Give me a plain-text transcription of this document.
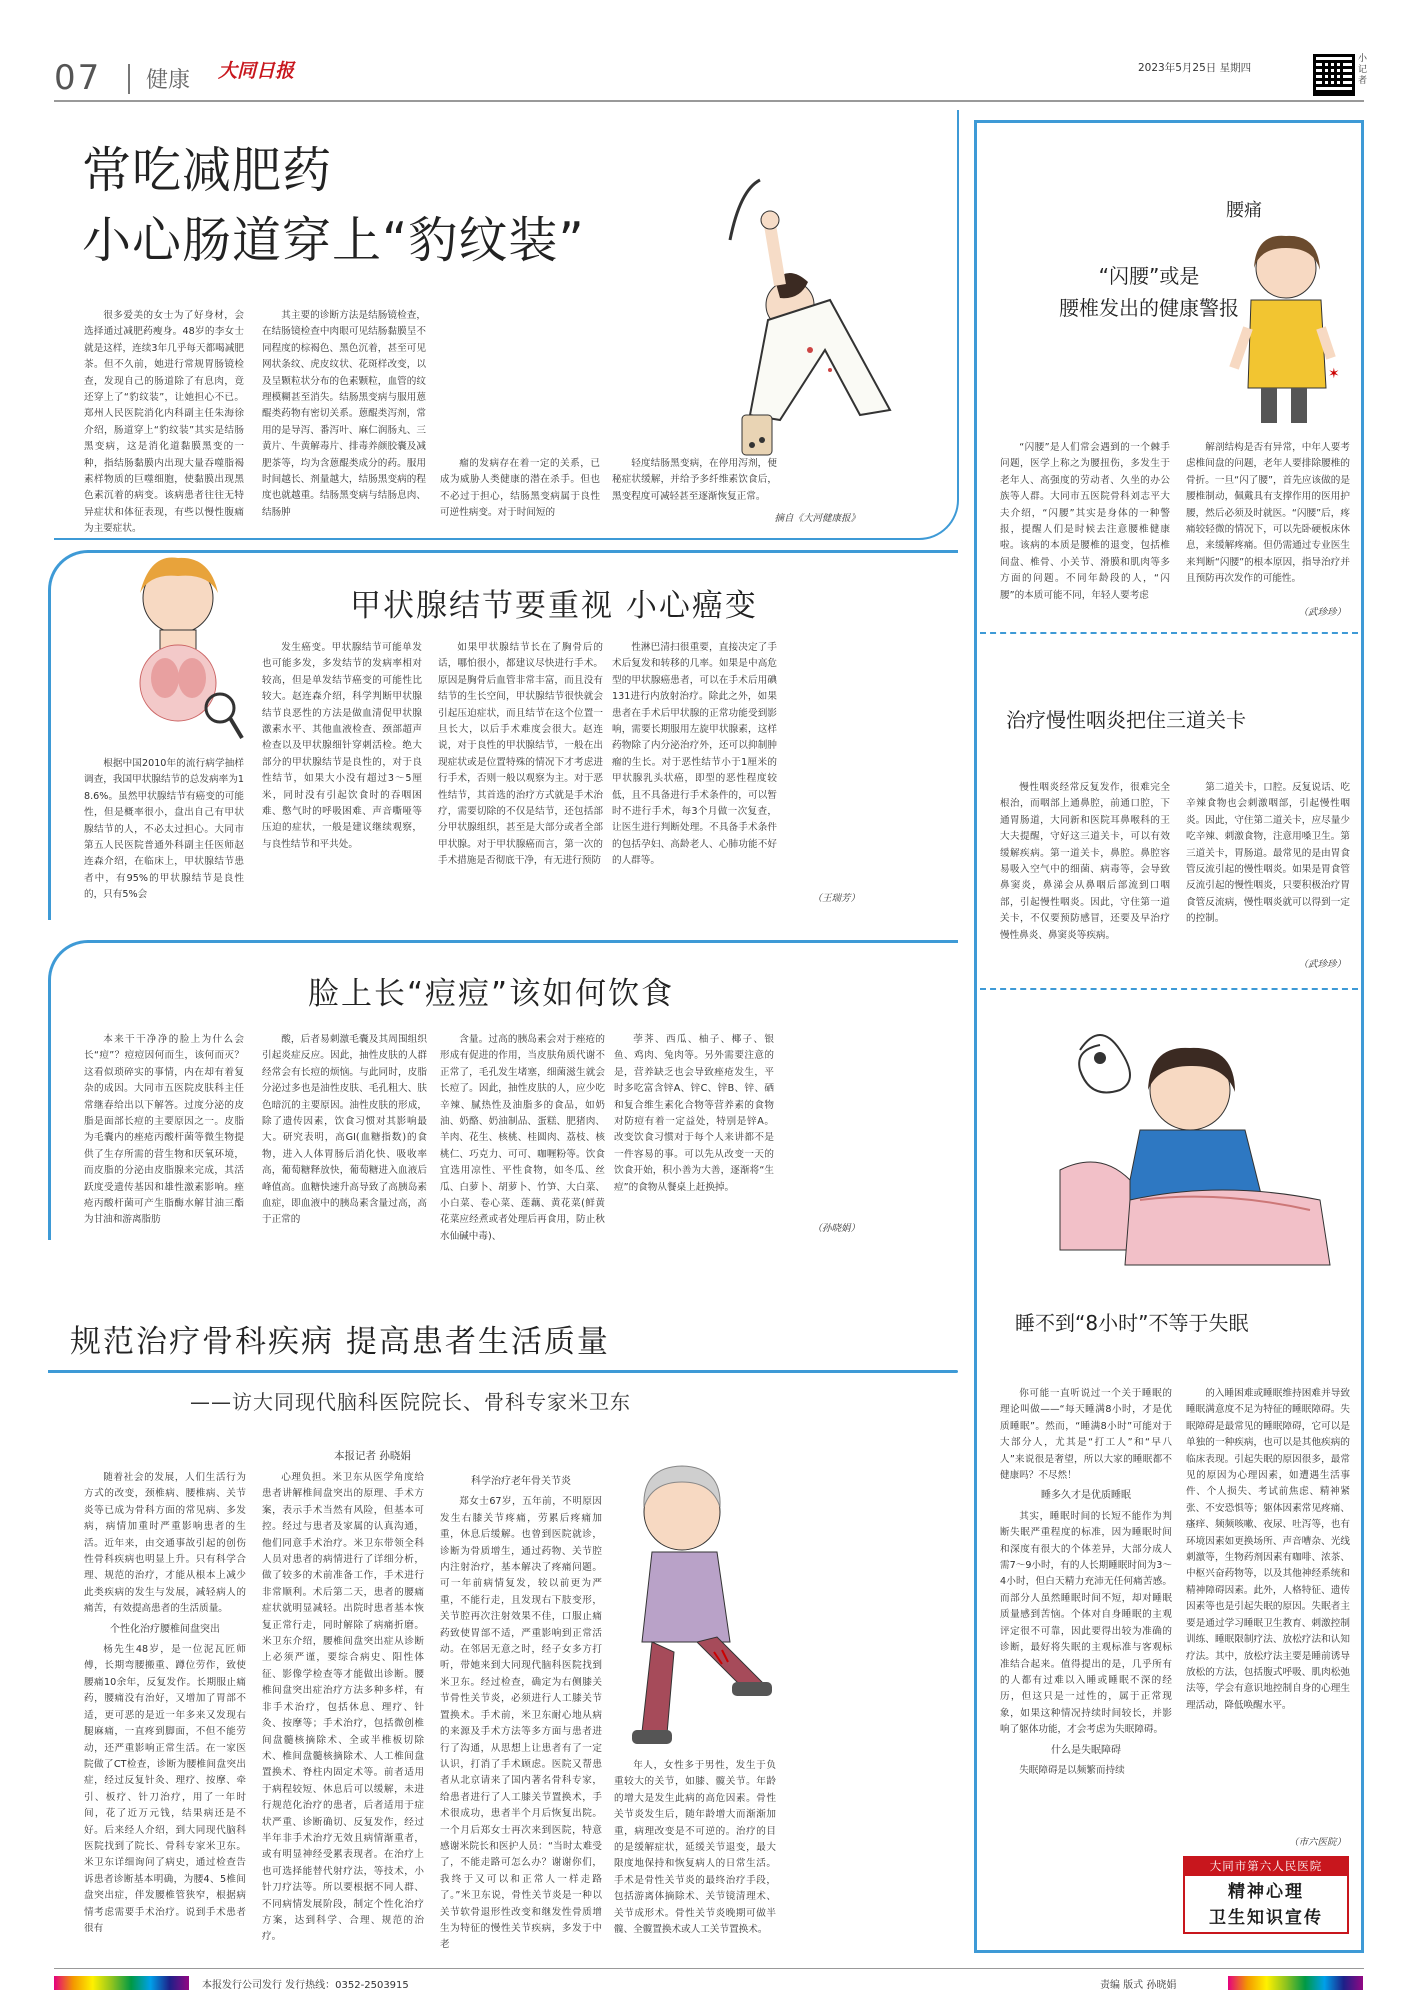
07 健康 大同日报	2023年5月25日 星期四
小记者
常吃减肥药
小心肠道穿上“豹纹装”

很多爱美的女士为了好身材，会选择通过减肥药瘦身。48岁的李女士就是这样，连续3年几乎每天都喝减肥茶。但不久前，她进行常规胃肠镜检查，发现自己的肠道除了有息肉，竟还穿上了“豹纹装”，让她担心不已。郑州人民医院消化内科副主任朱海徐介绍，肠道穿上“豹纹装”其实是结肠黑变病，这是消化道黏膜黑变的一种，指结肠黏膜内出现大量吞噬脂褐素样物质的巨噬细胞，使黏膜出现黑色素沉着的病变。该病患者往往无特异症状和体征表现，有些以慢性腹痛为主要症状。

其主要的诊断方法是结肠镜检查，在结肠镜检查中肉眼可见结肠黏膜呈不同程度的棕褐色、黑色沉着，甚至可见网状条纹、虎皮纹状、花斑样改变，以及呈颗粒状分布的色素颗粒，血管的纹理模糊甚至消失。结肠黑变病与服用蒽醌类药物有密切关系。蒽醌类泻剂，常用的是导泻、番泻叶、麻仁润肠丸、三黄片、牛黄解毒片、排毒养颜胶囊及减肥茶等，均为含蒽醌类成分的药。服用时间越长、剂量越大，结肠黑变病的程度也就越重。结肠黑变病与结肠息肉、结肠肿

瘤的发病存在着一定的关系，已成为威胁人类健康的潜在杀手。但也不必过于担心，结肠黑变病属于良性可逆性病变。对于时间短的

轻度结肠黑变病，在停用泻剂，便秘症状缓解，并给予多纤维素饮食后，黑变程度可减轻甚至逐渐恢复正常。

摘自《大河健康报》
甲状腺结节要重视 小心癌变

根据中国2010年的流行病学抽样调查，我国甲状腺结节的总发病率为18.6%。虽然甲状腺结节有癌变的可能性，但是概率很小，盘出自己有甲状腺结节的人，不必太过担心。大同市第五人民医院普通外科副主任医师赵连森介绍，在临床上，甲状腺结节患者中，有95%的甲状腺结节是良性的，只有5%会

发生癌变。甲状腺结节可能单发也可能多发，多发结节的发病率相对较高，但是单发结节癌变的可能性比较大。赵连森介绍，科学判断甲状腺结节良恶性的方法是做血清促甲状腺激素水平、其他血液检查、颈部超声检查以及甲状腺细针穿刺活检。绝大部分的甲状腺结节是良性的，对于良性结节，如果大小没有超过3～5厘米，同时没有引起饮食时的吞咽困难、憋气时的呼吸困难、声音嘶哑等压迫的症状，一般是建议继续观察，与良性结节和平共处。

如果甲状腺结节长在了胸骨后的话，哪怕很小，都建议尽快进行手术。原因是胸骨后血管非常丰富，而且没有结节的生长空间，甲状腺结节很快就会引起压迫症状，而且结节在这个位置一旦长大，以后手术难度会很大。赵连说，对于良性的甲状腺结节，一般在出现症状或是位置特殊的情况下才考虑进行手术，否则一般以观察为主。对于恶性结节，其首选的治疗方式就是手术治疗，需要切除的不仅是结节，还包括部分甲状腺组织，甚至是大部分或者全部甲状腺。对于甲状腺癌而言，第一次的手术措施是否彻底干净，有无进行预防

性淋巴清扫很重要，直接决定了手术后复发和转移的几率。如果是中高危型的甲状腺癌患者，可以在手术后用碘131进行内放射治疗。除此之外，如果患者在手术后甲状腺的正常功能受到影响，需要长期服用左旋甲状腺素，这样药物除了内分泌治疗外，还可以抑制肿瘤的生长。对于恶性结节小于1厘米的甲状腺乳头状癌，即型的恶性程度较低，且不具备进行手术条件的，可以暂时不进行手术，每3个月做一次复查，让医生进行判断处理。不具备手术条件的包括孕妇、高龄老人、心肺功能不好的人群等。

（王瑞芳）
脸上长“痘痘”该如何饮食

本来干干净净的脸上为什么会长“痘”？痘痘因何而生，该何而灭？这看似琐碎实的事情，内在却有着复杂的成因。大同市五医院皮肤科主任常继春给出以下解答。过度分泌的皮脂是面部长痘的主要原因之一。皮脂为毛囊内的痤疮丙酸杆菌等微生物提供了生存所需的营生物和厌氧环境，而皮脂的分泌由皮脂腺来完成，其活跃度受遗传基因和雄性激素影响。痤疮丙酸杆菌可产生脂酶水解甘油三酯为甘油和游离脂肪

酸，后者易刺激毛囊及其周围组织引起炎症反应。因此，抽性皮肤的人群经常会有长痘的烦恼。与此同时，皮脂分泌过多也是油性皮肤、毛孔粗大、肤色暗沉的主要原因。油性皮肤的形成，除了遗传因素，饮食习惯对其影响最大。研究表明，高GI(血糖指数)的食物，进入人体胃肠后消化快、吸收率高，葡萄糖释放快，葡萄糖进入血液后峰值高。血糖快速升高导致了高胰岛素血症，即血液中的胰岛素含量过高，高于正常的

含量。过高的胰岛素会对于痤疮的形成有促进的作用，当皮肤角质代谢不正常了，毛孔发生堵塞，细菌滋生就会长痘了。因此，抽性皮肤的人，应少吃辛辣、腻热性及油脂多的食品，如奶油、奶酪、奶油制品、蛋糕、肥猪肉、羊肉、花生、核桃、桂圆肉、荔枝、核桃仁、巧克力、可可、咖喱粉等。饮食宜选用凉性、平性食物，如冬瓜、丝瓜、白萝卜、胡萝卜、竹笋、大白菜、小白菜、卷心菜、莲藕、黄花菜(鲜黄花菜应经煮或者处理后再食用，防止秋水仙碱中毒)、

荸荠、西瓜、柚子、椰子、银鱼、鸡肉、兔肉等。另外需要注意的是，营养缺乏也会导致痤疮发生，平时多吃富含锌A、锌C、锌B、锌、硒和复合维生素化合物等营养素的食物对防痘有着一定益处，特别是锌A。改变饮食习惯对于每个人来讲都不是一件容易的事。可以先从改变一天的饮食开始，积小善为大善，逐渐将“生痘”的食物从餐桌上赶换掉。

（孙晓娟）
规范治疗骨科疾病 提高患者生活质量
——访大同现代脑科医院院长、骨科专家米卫东
本报记者 孙晓娟

随着社会的发展，人们生活行为方式的改变，颈椎病、腰椎病、关节炎等已成为骨科方面的常见病、多发病，病情加重时严重影响患者的生活。近年来，由交通事故引起的创伤性骨科疾病也明显上升。只有科学合理、规范的治疗，才能从根本上减少此类疾病的发生与发展，减轻病人的痛苦，有效提高患者的生活质量。

个性化治疗腰椎间盘突出

杨先生48岁，是一位泥瓦匠师傅，长期弯腰搬重、蹲位劳作，致使腰痛10余年，反复发作。长期服止痛药，腰痛没有治好，又增加了胃部不适，更可恶的是近一年多来又发现右腿麻痛，一直疼到脚面，不但不能劳动，还严重影响正常生活。在一家医院做了CT检查，诊断为腰椎间盘突出症，经过反复针灸、理疗、按摩、牵引、板疗、针刀治疗，用了一年时间，花了近万元钱，结果病还是不好。后来经人介绍，到大同现代脑科医院找到了院长、骨科专家米卫东。米卫东详细询问了病史，通过检查告诉患者诊断基本明确，为腰4、5椎间盘突出症，伴发腰椎管狭窄，根据病情考虑需要手术治疗。说到手术患者很有

心理负担。米卫东从医学角度给患者讲解椎间盘突出的原理、手术方案，表示手术当然有风险，但基本可控。经过与患者及家属的认真沟通，他们同意手术治疗。米卫东带领全科人员对患者的病情进行了详细分析，做了较多的术前准备工作，手术进行非常顺利。术后第二天，患者的腰痛症状就明显减轻。出院时患者基本恢复正常行走，同时解除了病痛折磨。米卫东介绍，腰椎间盘突出症从诊断上必须严谨，要综合病史、阳性体征、影像学检查等才能做出诊断。腰椎间盘突出症治疗方法多种多样，有非手术治疗，包括休息、理疗、针灸、按摩等；手术治疗，包括微创椎间盘髓核摘除术、全或半椎板切除术、椎间盘髓核摘除术、人工椎间盘置换术、脊柱内固定术等。前者适用于病程较短、休息后可以缓解，未进行规范化治疗的患者，后者适用于症状严重、诊断确切、反复发作，经过半年非手术治疗无效且病情渐重者，或有明显神经受累表现者。在治疗上也可选择能替代射疗法，等技术，小针刀疗法等。所以要根据不同人群、不同病情发展阶段，制定个性化治疗方案，达到科学、合理、规范的治疗。

科学治疗老年骨关节炎

郑女士67岁，五年前，不明原因发生右膝关节疼痛，劳累后疼痛加重，休息后缓解。也曾到医院就诊，诊断为骨质增生，通过药物、关节腔内注射治疗，基本解决了疼痛问题。可一年前病情复发，较以前更为严重，不能行走，且发现右下肢变形，关节腔再次注射效果不佳，口服止痛药致使胃部不适，严重影响到正常活动。在邻居无意之时，经子女多方打听，带她来到大同现代脑科医院找到米卫东。经过检查，确定为右侧膝关节骨性关节炎，必须进行人工膝关节置换术。手术前，米卫东耐心地从病的来源及手术方法等多方面与患者进行了沟通，从思想上让患者有了一定认识，打消了手术顾虑。医院又帮患者从北京请来了国内著名骨科专家，给患者进行了人工膝关节置换术，手术很成功，患者半个月后恢复出院。一个月后郑女士再次来到医院，特意感谢米院长和医护人员：“当时太难受了，不能走路可怎么办？谢谢你们，我终于又可以和正常人一样走路了。”米卫东说，骨性关节炎是一种以关节软骨退形性改变和继发性骨质增生为特征的慢性关节疾病，多发于中老

年人，女性多于男性，发生于负重较大的关节，如膝、髋关节。年龄的增大是发生此病的高危因素。骨性关节炎发生后，随年龄增大而渐渐加重，病理改变是不可逆的。治疗的目的是缓解症状，延缓关节退变，最大限度地保持和恢复病人的日常生活。手术是骨性关节炎的最终治疗手段，包括游离体摘除术、关节镜清理术、关节成形术。骨性关节炎晚期可做半髋、全髋置换术或人工关节置换术。

腰痛
✶
“闪腰”或是
腰椎发出的健康警报

“闪腰”是人们常会遇到的一个棘手问题，医学上称之为腰扭伤，多发生于老年人、高强度的劳动者、久坐的办公族等人群。大同市五医院骨科刘志平大夫介绍，“闪腰”其实是身体的一种警报，提醒人们是时候去注意腰椎健康啦。该病的本质是腰椎的退变，包括椎间盘、椎骨、小关节、滑膜和肌肉等多方面的问题。不同年龄段的人，“闪腰”的本质可能不同，年轻人要考虑

解剖结构是否有异常，中年人要考虑椎间盘的问题，老年人要排除腰椎的骨折。一旦“闪了腰”，首先应该做的是腰椎制动，佩戴具有支撑作用的医用护腰，然后必须及时就医。“闪腰”后，疼痛较轻微的情况下，可以先卧硬板床休息，来缓解疼痛。但仍需通过专业医生来判断“闪腰”的根本原因，指导治疗并且预防再次发作的可能性。

（武珍珍）
治疗慢性咽炎把住三道关卡

慢性咽炎经常反复发作，很难完全根治，而咽部上通鼻腔，前通口腔，下通胃肠道，大同新和医院耳鼻喉科的王大夫提醒，守好这三道关卡，可以有效缓解疾病。第一道关卡，鼻腔。鼻腔容易吸入空气中的细菌、病毒等，会导致鼻窦炎，鼻涕会从鼻咽后部流到口咽部，引起慢性咽炎。因此，守住第一道关卡，不仅要预防感冒，还要及早治疗慢性鼻炎、鼻窦炎等疾病。

第二道关卡，口腔。反复说话、吃辛辣食物也会刺激咽部，引起慢性咽炎。因此，守住第二道关卡，应尽量少吃辛辣、刺激食物，注意用嗓卫生。第三道关卡，胃肠道。最常见的是由胃食管反流引起的慢性咽炎。如果是胃食管反流引起的慢性咽炎，只要积极治疗胃食管反流病，慢性咽炎就可以得到一定的控制。

（武珍珍）
睡不到“8小时”不等于失眠

你可能一直听说过一个关于睡眠的理论叫做——“每天睡满8小时，才是优质睡眠”。然而，“睡满8小时”可能对于大部分人，尤其是“打工人”和“早八人”来说很是奢望，所以大家的睡眠都不健康吗？不尽然！

睡多久才是优质睡眠

其实，睡眠时间的长短不能作为判断失眠严重程度的标准，因为睡眠时间和深度有很大的个体差异，大部分成人需7～9小时，有的人长期睡眠时间为3～4小时，但白天精力充沛无任何痛苦感。而部分人虽然睡眠时间不短，却对睡眠质量感到苦恼。个体对自身睡眠的主观评定很不可靠，因此要得出较为准确的诊断，最好将失眠的主观标准与客观标准结合起来。值得提出的是，几乎所有的人都有过难以入睡或睡眠不深的经历，但这只是一过性的，属于正常现象，如果这种情况持续时间较长，并影响了躯体功能，才会考虑为失眠障碍。

什么是失眠障碍

失眠障碍是以频繁而持续

的入睡困难或睡眠维持困难并导致睡眠满意度不足为特征的睡眠障碍。失眠障碍是最常见的睡眠障碍，它可以是单独的一种疾病，也可以是其他疾病的临床表现。引起失眠的原因很多，最常见的原因为心理因素，如遭遇生活事件、个人损失、考试前焦虑、精神紧张、不安恐惧等；躯体因素常见疼痛、瘙痒、频频咳嗽、夜尿、吐泻等，也有环境因素如更换场所、声音嘈杂、光线刺激等，生物药剂因素有咖啡、浓茶、中枢兴奋药物等，以及其他神经系统和精神障碍因素。此外，人格特征、遗传因素等也是引起失眠的原因。失眠者主要是通过学习睡眠卫生教育、刺激控制训练、睡眠限制疗法、放松疗法和认知疗法。其中，放松疗法主要是睡前诱导放松的方法，包括腹式呼吸、肌肉松弛法等，学会有意识地控制自身的心理生理活动，降低唤醒水平。

（市六医院）
大同市第六人民医院
精神心理
卫生知识宣传
本报发行公司发行 发行热线：0352-2503915	责编 版式 孙晓娟
